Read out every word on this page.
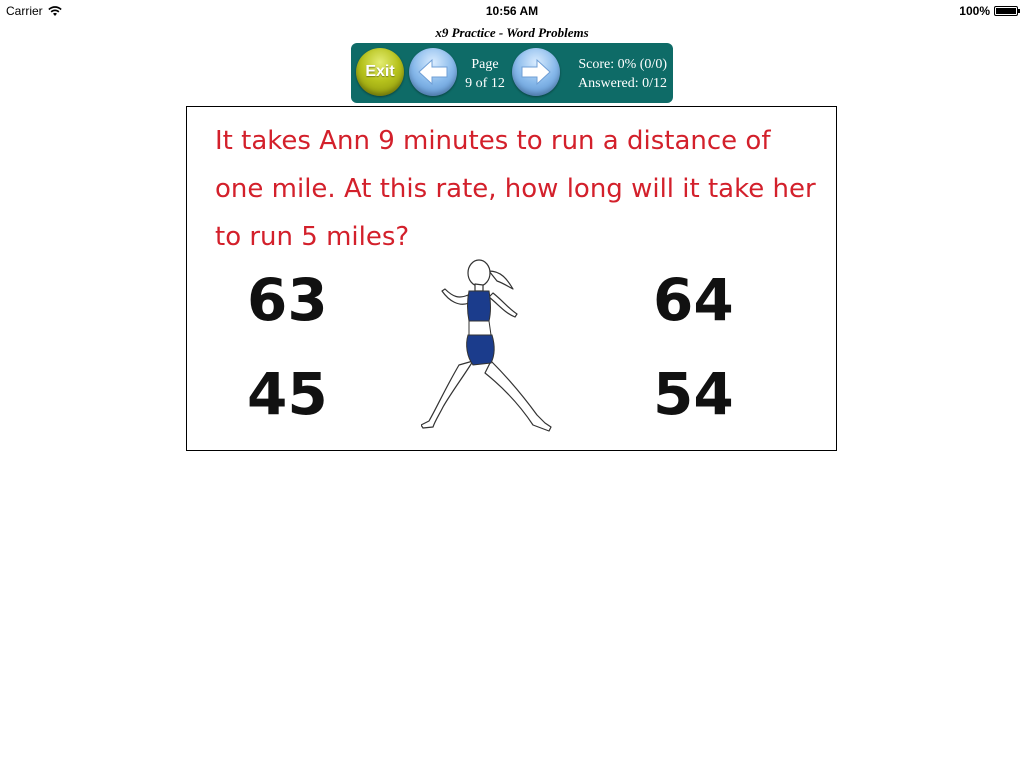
Carrier	10:56 AM	100%
x9 Practice - Word Problems
Exit	Page
9 of 12
Score: 0% (0/0)
Answered: 0/12
It takes Ann 9 minutes to run a distance of one mile. At this rate, how long will it take her to run 5 miles?
63	64
45	54
